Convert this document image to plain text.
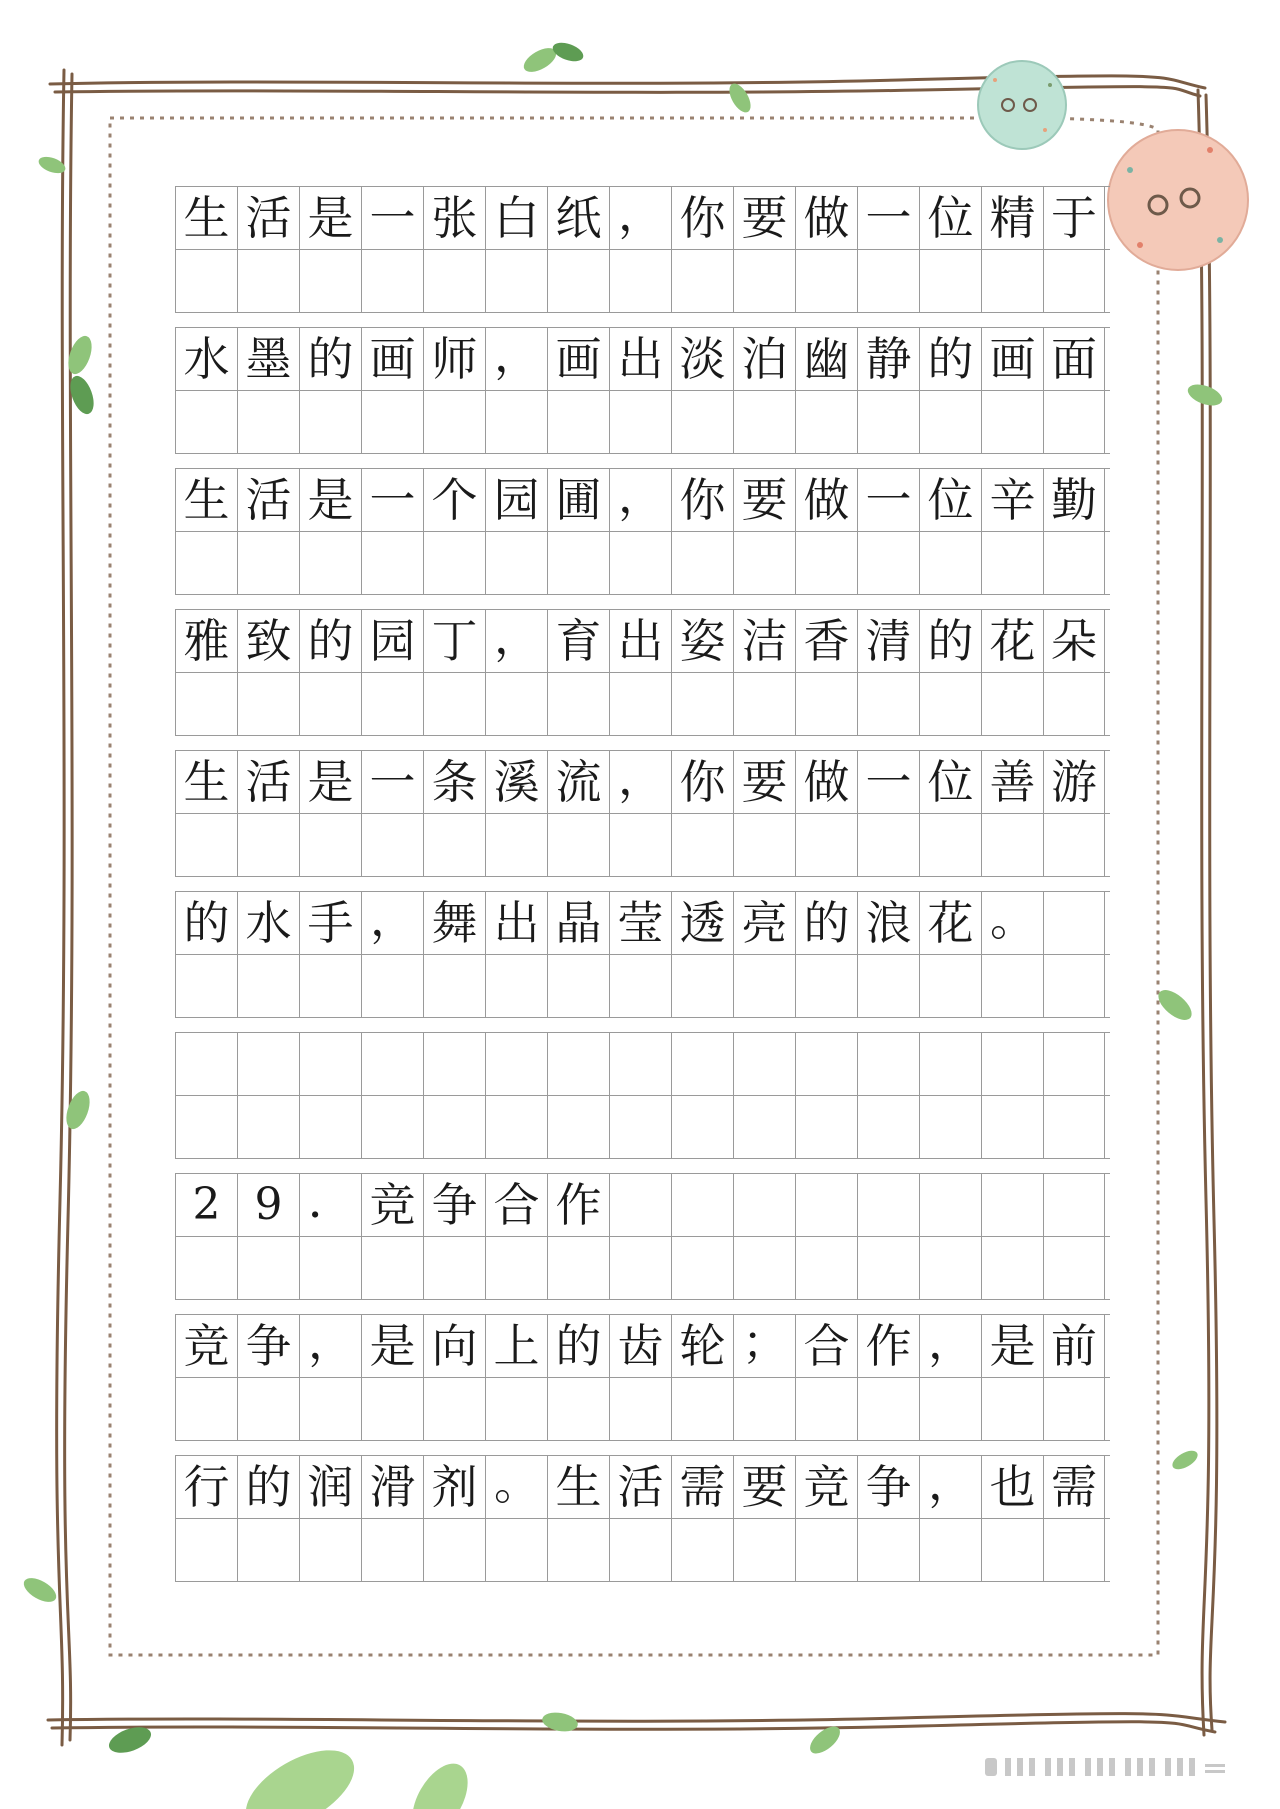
生 活 是 一 张 白 纸 ， 你 要 做 一 位 精 于
水 墨 的 画 师 ， 画 出 淡 泊 幽 静 的 画 面
生 活 是 一 个 园 圃 ， 你 要 做 一 位 辛 勤
雅 致 的 园 丁 ， 育 出 姿 洁 香 清 的 花 朵
生 活 是 一 条 溪 流 ， 你 要 做 一 位 善 游
的 水 手 ， 舞 出 晶 莹 透 亮 的 浪 花 。
2 9 ． 竞 争 合 作
竞 争 ， 是 向 上 的 齿 轮 ； 合 作 ， 是 前
行 的 润 滑 剂 。 生 活 需 要 竞 争 ， 也 需
